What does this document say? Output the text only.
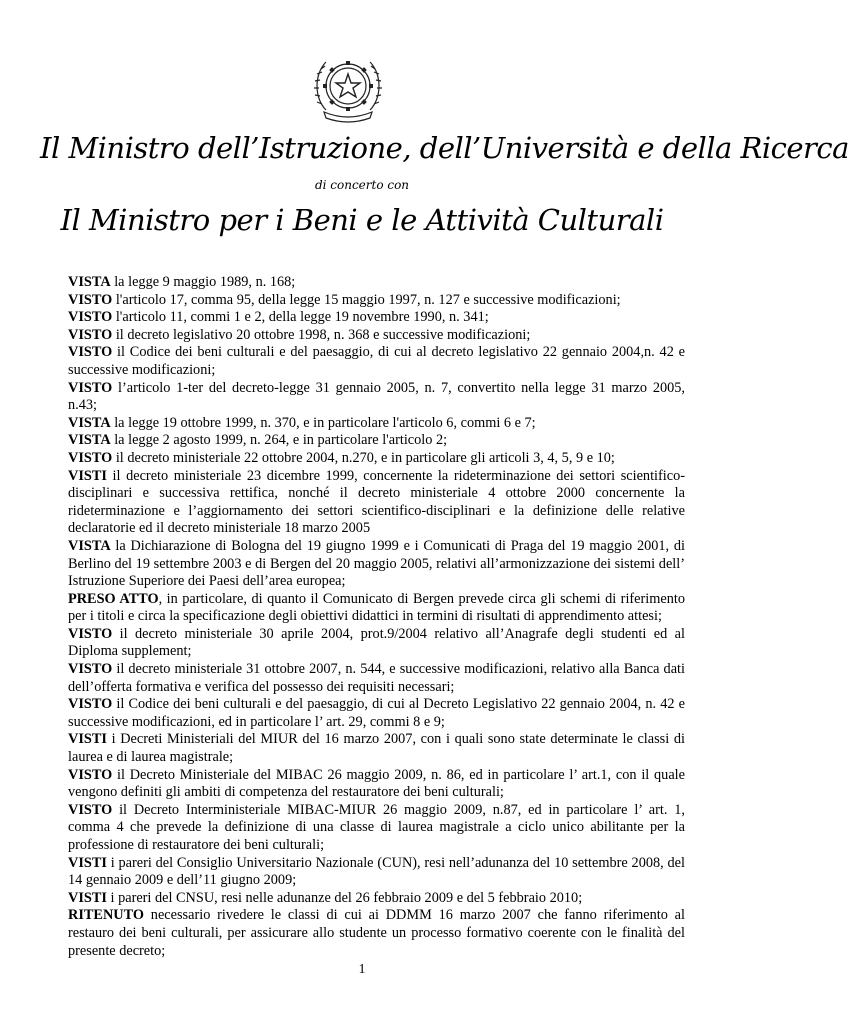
Il Ministro dell’Istruzione, dell’Università e della Ricerca
di concerto con
Il Ministro per i Beni e le Attività Culturali

VISTA la legge 9 maggio 1989, n. 168;

VISTO l'articolo 17, comma 95, della legge 15 maggio 1997, n. 127 e successive modificazioni;

VISTO l'articolo 11, commi 1 e 2, della legge 19 novembre 1990, n. 341;

VISTO il decreto legislativo 20 ottobre 1998, n. 368 e successive modificazioni;

VISTO il Codice dei beni culturali e del paesaggio, di cui al decreto legislativo 22 gennaio 2004,n. 42 e successive modificazioni;

VISTO l’articolo 1-ter del decreto-legge 31 gennaio 2005, n. 7, convertito nella legge 31 marzo 2005, n.43;

VISTA la legge 19 ottobre 1999, n. 370, e in particolare l'articolo 6, commi 6 e 7;

VISTA la legge 2 agosto 1999, n. 264, e in particolare l'articolo 2;

VISTO il decreto ministeriale 22 ottobre 2004, n.270, e in particolare gli articoli 3, 4, 5, 9 e 10;

VISTI il decreto ministeriale 23 dicembre 1999, concernente la rideterminazione dei settori scientifico-disciplinari e successiva rettifica, nonché il decreto ministeriale 4 ottobre 2000 concernente la rideterminazione e l’aggiornamento dei settori scientifico-disciplinari e la definizione delle relative declaratorie ed il decreto ministeriale 18 marzo 2005

VISTA la Dichiarazione di Bologna del 19 giugno 1999 e i Comunicati di Praga del 19 maggio 2001, di Berlino del 19 settembre 2003 e di Bergen del 20 maggio 2005, relativi all’armonizzazione dei sistemi dell’ Istruzione Superiore dei Paesi dell’area europea;

PRESO ATTO, in particolare, di quanto il Comunicato di Bergen prevede circa gli schemi di riferimento per i titoli e circa la specificazione degli obiettivi didattici in termini di risultati di apprendimento attesi;

VISTO il decreto ministeriale 30 aprile 2004, prot.9/2004 relativo all’Anagrafe degli studenti ed al Diploma supplement;

VISTO il decreto ministeriale 31 ottobre 2007, n. 544, e successive modificazioni, relativo alla Banca dati dell’offerta formativa e verifica del possesso dei requisiti necessari;

VISTO il Codice dei beni culturali e del paesaggio, di cui al Decreto Legislativo 22 gennaio 2004, n. 42 e successive modificazioni, ed in particolare l’ art. 29, commi 8 e 9;

VISTI i Decreti Ministeriali del MIUR del 16 marzo 2007, con i quali sono state determinate le classi di laurea e di laurea magistrale;

VISTO il Decreto Ministeriale del MIBAC 26 maggio 2009, n. 86, ed in particolare l’ art.1, con il quale vengono definiti gli ambiti di competenza del restauratore dei beni culturali;

VISTO il Decreto Interministeriale MIBAC-MIUR 26 maggio 2009, n.87, ed in particolare l’ art. 1, comma 4 che prevede la definizione di una classe di laurea magistrale a ciclo unico abilitante per la professione di restauratore dei beni culturali;

VISTI i pareri del Consiglio Universitario Nazionale (CUN), resi nell’adunanza del 10 settembre 2008, del 14 gennaio 2009 e dell’11 giugno 2009;

VISTI i pareri del CNSU, resi nelle adunanze del 26 febbraio 2009 e del 5 febbraio 2010;

RITENUTO necessario rivedere le classi di cui ai DDMM 16 marzo 2007 che fanno riferimento al restauro dei beni culturali, per assicurare allo studente un processo formativo coerente con le finalità del presente decreto;

1
